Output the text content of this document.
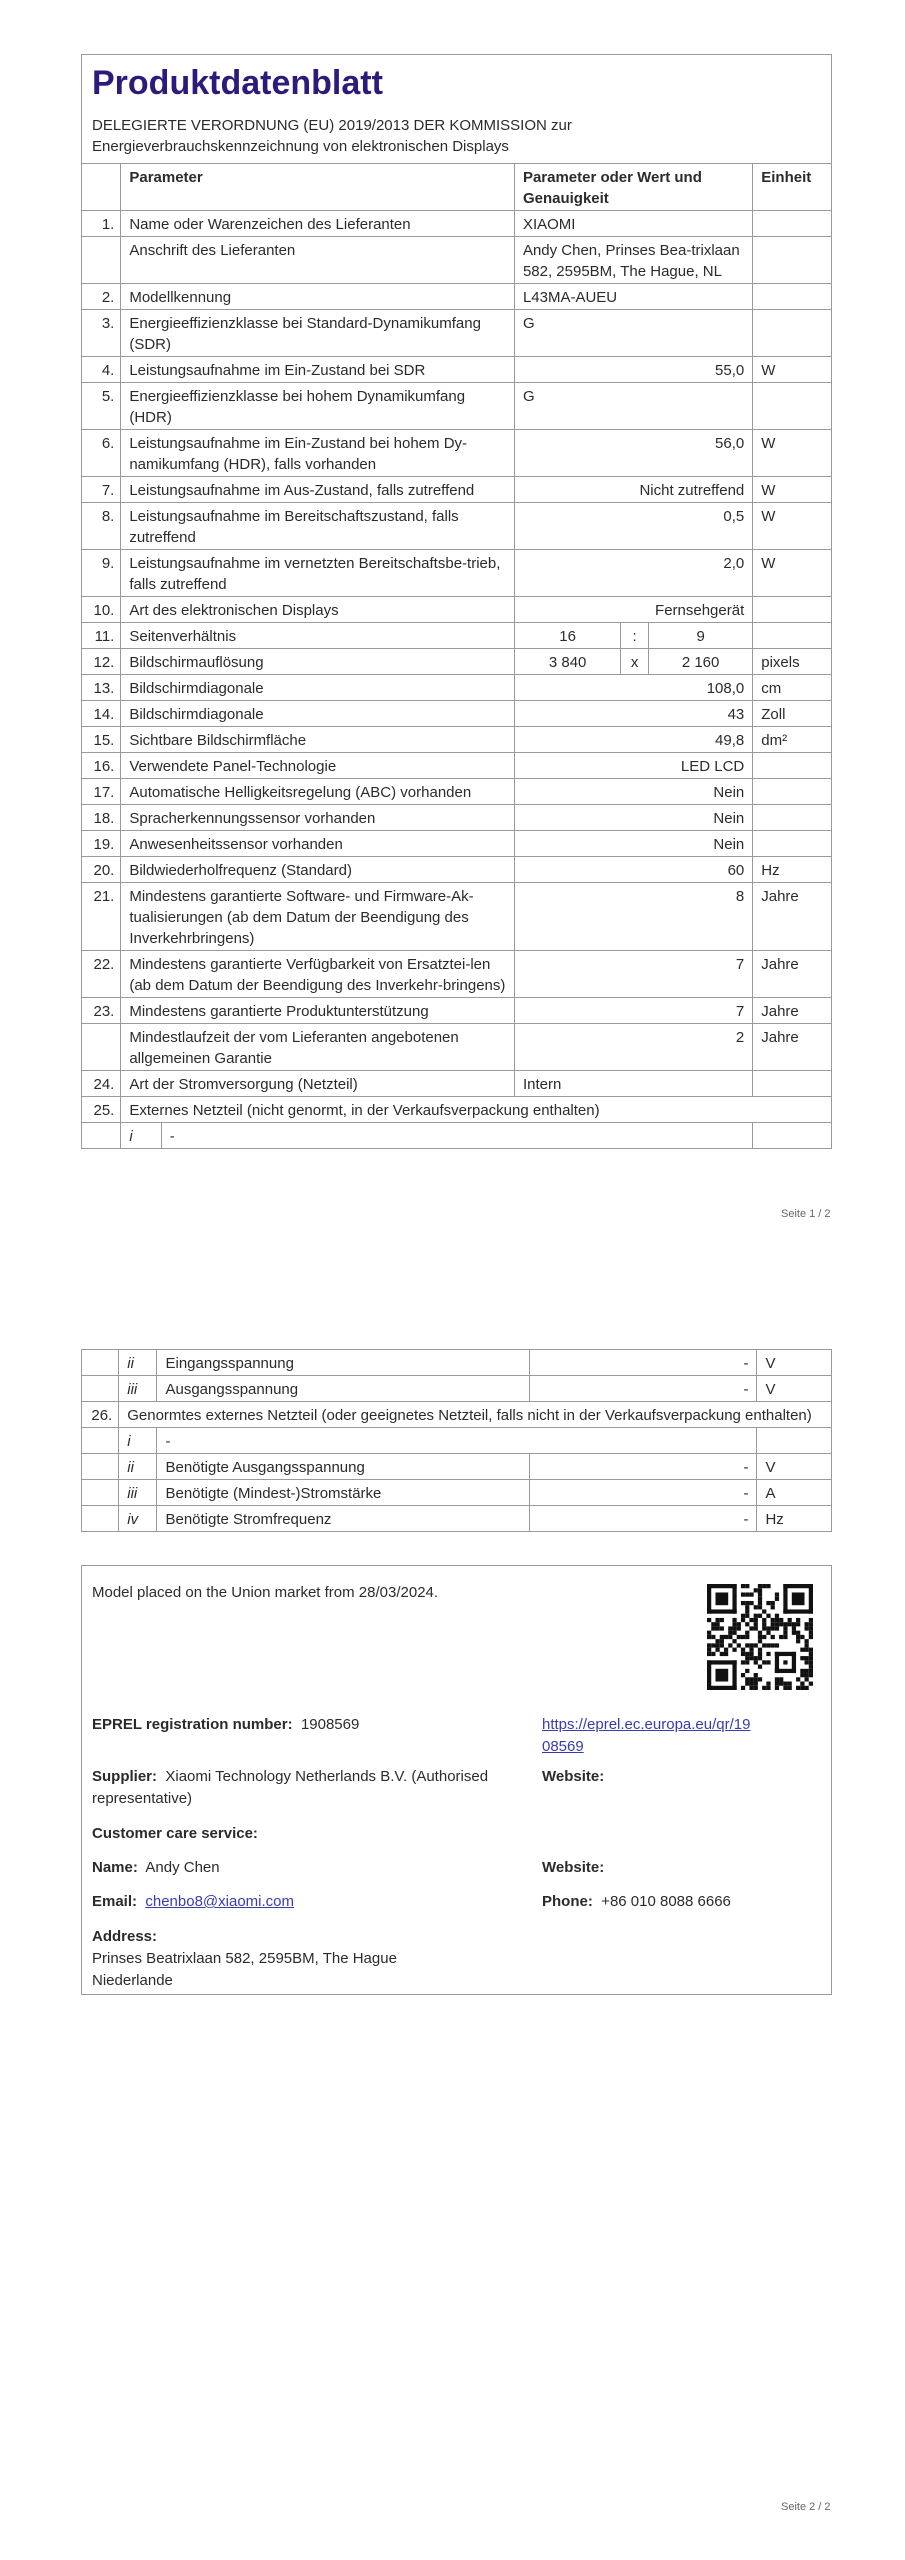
Produktdatenblatt
DELEGIERTE VERORDNUNG (EU) 2019/2013 DER KOMMISSION zur
Energieverbrauchskennzeichnung von elektronischen Displays
	Parameter		Parameter oder Wert und Genauigkeit			Einheit
1.	Name oder Warenzeichen des Lieferanten		XIAOMI			
	Anschrift des Lieferanten		Andy Chen, Prinses Bea-trixlaan 582, 2595BM, The Hague, NL			
2.	Modellkennung		L43MA-AUEU			
3.	Energieeffizienzklasse bei Standard-Dynamikumfang (SDR)		G			
4.	Leistungsaufnahme im Ein-Zustand bei SDR		55,0			W
5.	Energieeffizienzklasse bei hohem Dynamikumfang (HDR)		G			
6.	Leistungsaufnahme im Ein-Zustand bei hohem Dy-namikumfang (HDR), falls vorhanden		56,0			W
7.	Leistungsaufnahme im Aus-Zustand, falls zutreffend		Nicht zutreffend			W
8.	Leistungsaufnahme im Bereitschaftszustand, falls zutreffend		0,5			W
9.	Leistungsaufnahme im vernetzten Bereitschaftsbe-trieb, falls zutreffend		2,0			W
10.	Art des elektronischen Displays		Fernsehgerät			
11.	Seitenverhältnis		16	:	9	
12.	Bildschirmauflösung		3 840	x	2 160	pixels
13.	Bildschirmdiagonale		108,0			cm
14.	Bildschirmdiagonale		43			Zoll
15.	Sichtbare Bildschirmfläche		49,8			dm²
16.	Verwendete Panel-Technologie		LED LCD			
17.	Automatische Helligkeitsregelung (ABC) vorhanden		Nein			
18.	Spracherkennungssensor vorhanden		Nein			
19.	Anwesenheitssensor vorhanden		Nein			
20.	Bildwiederholfrequenz (Standard)		60			Hz
21.	Mindestens garantierte Software- und Firmware-Ak-tualisierungen (ab dem Datum der Beendigung des Inverkehrbringens)		8			Jahre
22.	Mindestens garantierte Verfügbarkeit von Ersatztei-len (ab dem Datum der Beendigung des Inverkehr-bringens)		7			Jahre
23.	Mindestens garantierte Produktunterstützung		7			Jahre
	Mindestlaufzeit der vom Lieferanten angebotenen allgemeinen Garantie		2			Jahre
24.	Art der Stromversorgung (Netzteil)		Intern			
25.	Externes Netzteil (nicht genormt, in der Verkaufsverpackung enthalten)					
	i	-				
Seite 1 / 2
	ii	Eingangsspannung	-	V
	iii	Ausgangsspannung	-	V
26.	Genormtes externes Netzteil (oder geeignetes Netzteil, falls nicht in der Verkaufsverpackung enthalten)			
	i	-		
	ii	Benötigte Ausgangsspannung	-	V
	iii	Benötigte (Mindest-)Stromstärke	-	A
	iv	Benötigte Stromfrequenz	-	Hz
Model placed on the Union market from 28/03/2024.
EPREL registration number: 1908569	https://eprel.ec.europa.eu/qr/19
08569
Supplier: Xiaomi Technology Netherlands B.V. (Authorised
representative)
Website:
Customer care service:
Name: Andy Chen	Website:
Email: chenbo8@xiaomi.com	Phone: +86 010 8088 6666
Address:
Prinses Beatrixlaan 582, 2595BM, The Hague
Niederlande
Seite 2 / 2
